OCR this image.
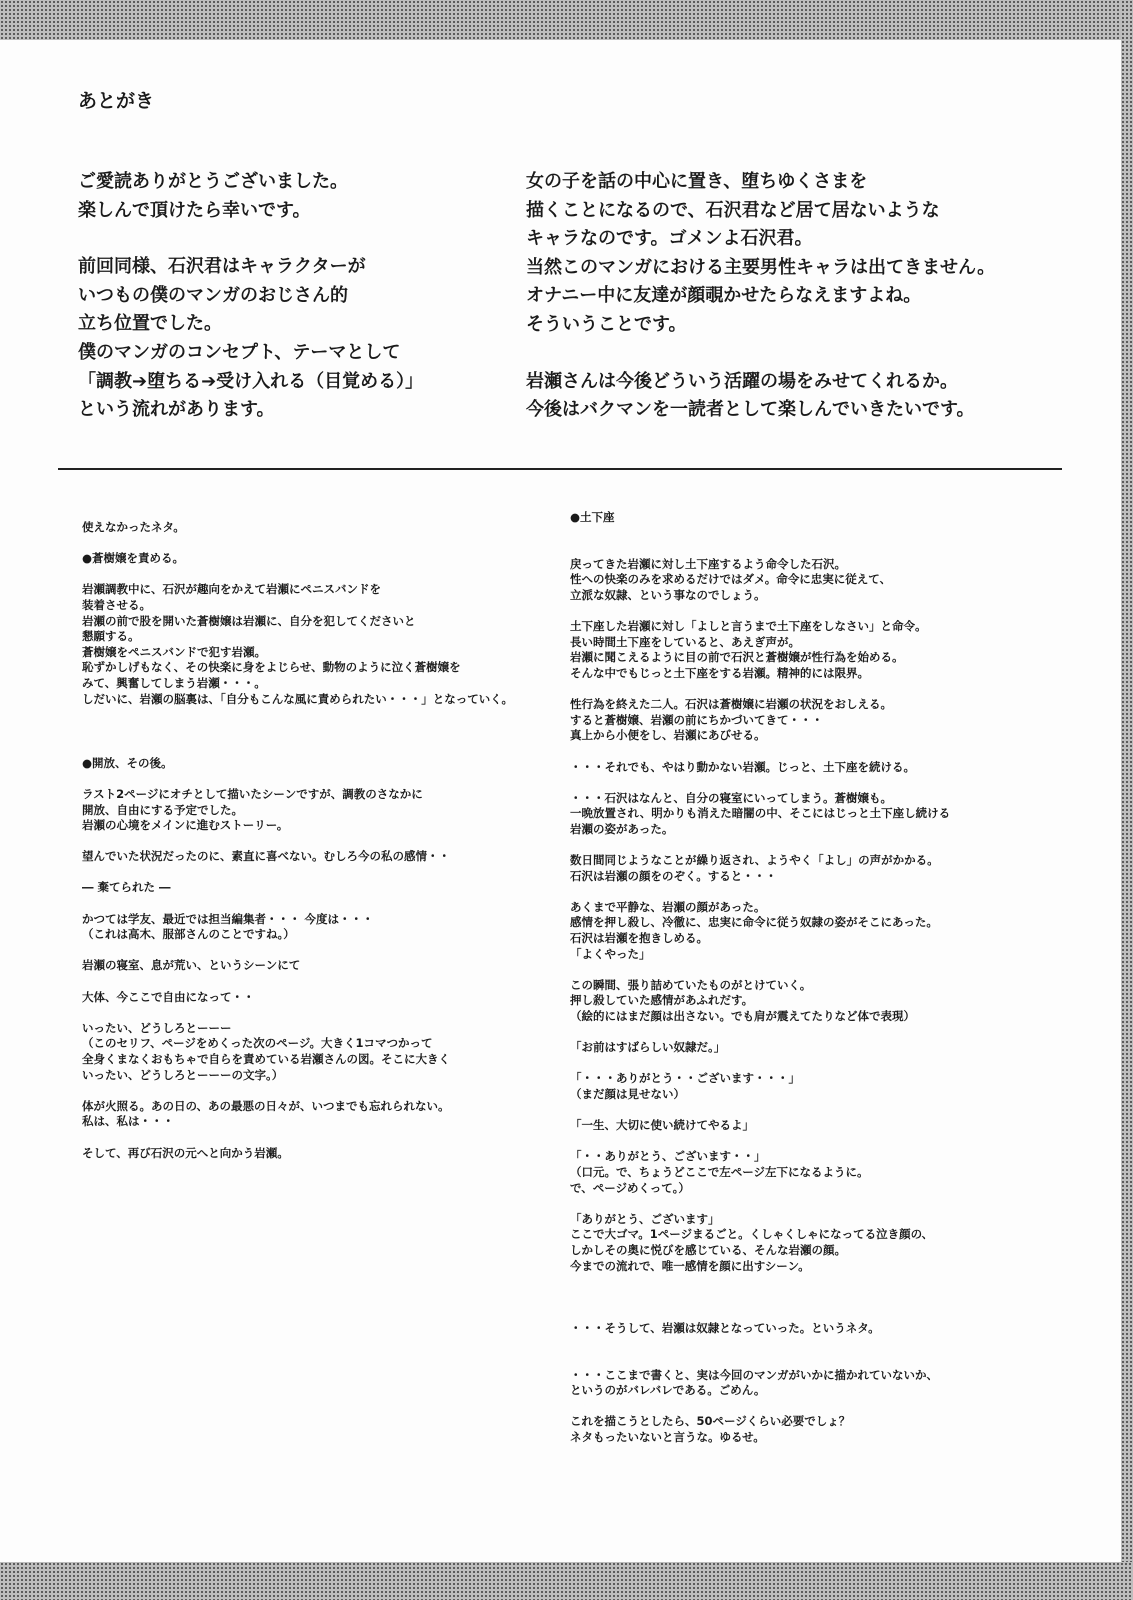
あとがき
ご愛読ありがとうございました。
楽しんで頂けたら幸いです。
前回同様、石沢君はキャラクターが
いつもの僕のマンガのおじさん的
立ち位置でした。
僕のマンガのコンセプト、テーマとして
「調教➔堕ちる➔受け入れる（目覚める）」
という流れがあります。
女の子を話の中心に置き、堕ちゆくさまを
描くことになるので、石沢君など居て居ないような
キャラなのです。ゴメンよ石沢君。
当然このマンガにおける主要男性キャラは出てきません。
オナニー中に友達が顔覗かせたらなえますよね。
そういうことです。
岩瀬さんは今後どういう活躍の場をみせてくれるか。
今後はバクマンを一読者として楽しんでいきたいです。
使えなかったネタ。
●蒼樹嬢を責める。
岩瀬調教中に、石沢が趣向をかえて岩瀬にペニスバンドを
装着させる。
岩瀬の前で股を開いた蒼樹嬢は岩瀬に、自分を犯してくださいと
懇願する。
蒼樹嬢をペニスバンドで犯す岩瀬。
恥ずかしげもなく、その快楽に身をよじらせ、動物のように泣く蒼樹嬢を
みて、興奮してしまう岩瀬・・・。
しだいに、岩瀬の脳裏は、「自分もこんな風に責められたい・・・」となっていく。
●開放、その後。
ラスト2ページにオチとして描いたシーンですが、調教のさなかに
開放、自由にする予定でした。
岩瀬の心境をメインに進むストーリー。
望んでいた状況だったのに、素直に喜べない。むしろ今の私の感情・・
― 棄てられた ―
かつては学友、最近では担当編集者・・・ 今度は・・・
（これは高木、服部さんのことですね。）
岩瀬の寝室、息が荒い、というシーンにて
大体、今ここで自由になって・・
いったい、どうしろとーーー
（このセリフ、ページをめくった次のページ。大きく1コマつかって
全身くまなくおもちゃで自らを責めている岩瀬さんの図。そこに大きく
いったい、どうしろとーーーの文字。）
体が火照る。あの日の、あの最悪の日々が、いつまでも忘れられない。
私は、私は・・・
そして、再び石沢の元へと向かう岩瀬。
●土下座
戻ってきた岩瀬に対し土下座するよう命令した石沢。
性への快楽のみを求めるだけではダメ。命令に忠実に従えて、
立派な奴隷、という事なのでしょう。
土下座した岩瀬に対し「よしと言うまで土下座をしなさい」と命令。
長い時間土下座をしていると、あえぎ声が。
岩瀬に聞こえるように目の前で石沢と蒼樹嬢が性行為を始める。
そんな中でもじっと土下座をする岩瀬。精神的には限界。
性行為を終えた二人。石沢は蒼樹嬢に岩瀬の状況をおしえる。
すると蒼樹嬢、岩瀬の前にちかづいてきて・・・
真上から小便をし、岩瀬にあびせる。
・・・それでも、やはり動かない岩瀬。じっと、土下座を続ける。
・・・石沢はなんと、自分の寝室にいってしまう。蒼樹嬢も。
一晩放置され、明かりも消えた暗闇の中、そこにはじっと土下座し続ける
岩瀬の姿があった。
数日間同じようなことが繰り返され、ようやく「よし」の声がかかる。
石沢は岩瀬の顔をのぞく。すると・・・
あくまで平静な、岩瀬の顔があった。
感情を押し殺し、冷徹に、忠実に命令に従う奴隷の姿がそこにあった。
石沢は岩瀬を抱きしめる。
「よくやった」
この瞬間、張り詰めていたものがとけていく。
押し殺していた感情があふれだす。
（絵的にはまだ顔は出さない。でも肩が震えてたりなど体で表現）
「お前はすばらしい奴隷だ。」
「・・・ありがとう・・ございます・・・」
（まだ顔は見せない）
「一生、大切に使い続けてやるよ」
「・・ありがとう、ございます・・」
（口元。で、ちょうどここで左ページ左下になるように。
で、ページめくって。）
「ありがとう、ございます」
ここで大ゴマ。1ページまるごと。くしゃくしゃになってる泣き顔の、
しかしその奥に悦びを感じている、そんな岩瀬の顔。
今までの流れで、唯一感情を顔に出すシーン。
・・・そうして、岩瀬は奴隷となっていった。というネタ。
・・・ここまで書くと、実は今回のマンガがいかに描かれていないか、
というのがバレバレである。ごめん。
これを描こうとしたら、50ページくらい必要でしょ？
ネタもったいないと言うな。ゆるせ。
